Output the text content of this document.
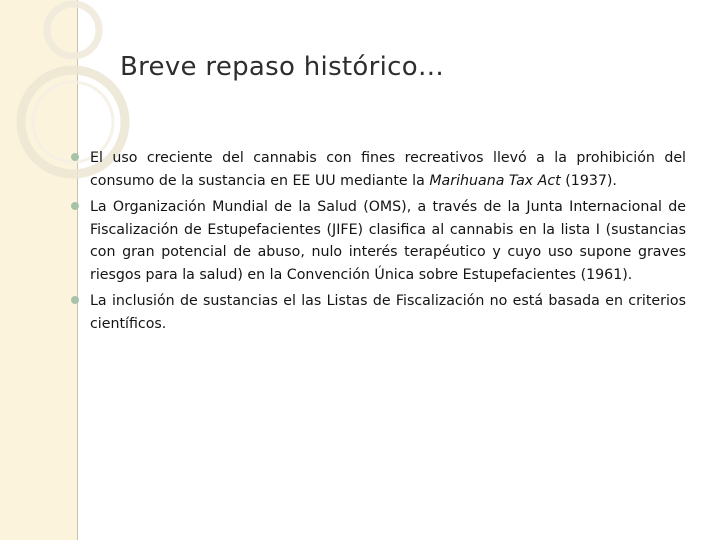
Breve repaso histórico…
El uso creciente del cannabis con fines recreativos llevó a la prohibición del consumo de la sustancia en EE UU mediante la Marihuana Tax Act (1937).
La Organización Mundial de la Salud (OMS), a través de la Junta Internacional de Fiscalización de Estupefacientes (JIFE) clasifica al cannabis en la lista I (sustancias con gran potencial de abuso, nulo interés terapéutico y cuyo uso supone graves riesgos para la salud) en la Convención Única sobre Estupefacientes (1961).
La inclusión de sustancias el las Listas de Fiscalización no está basada en criterios científicos.
